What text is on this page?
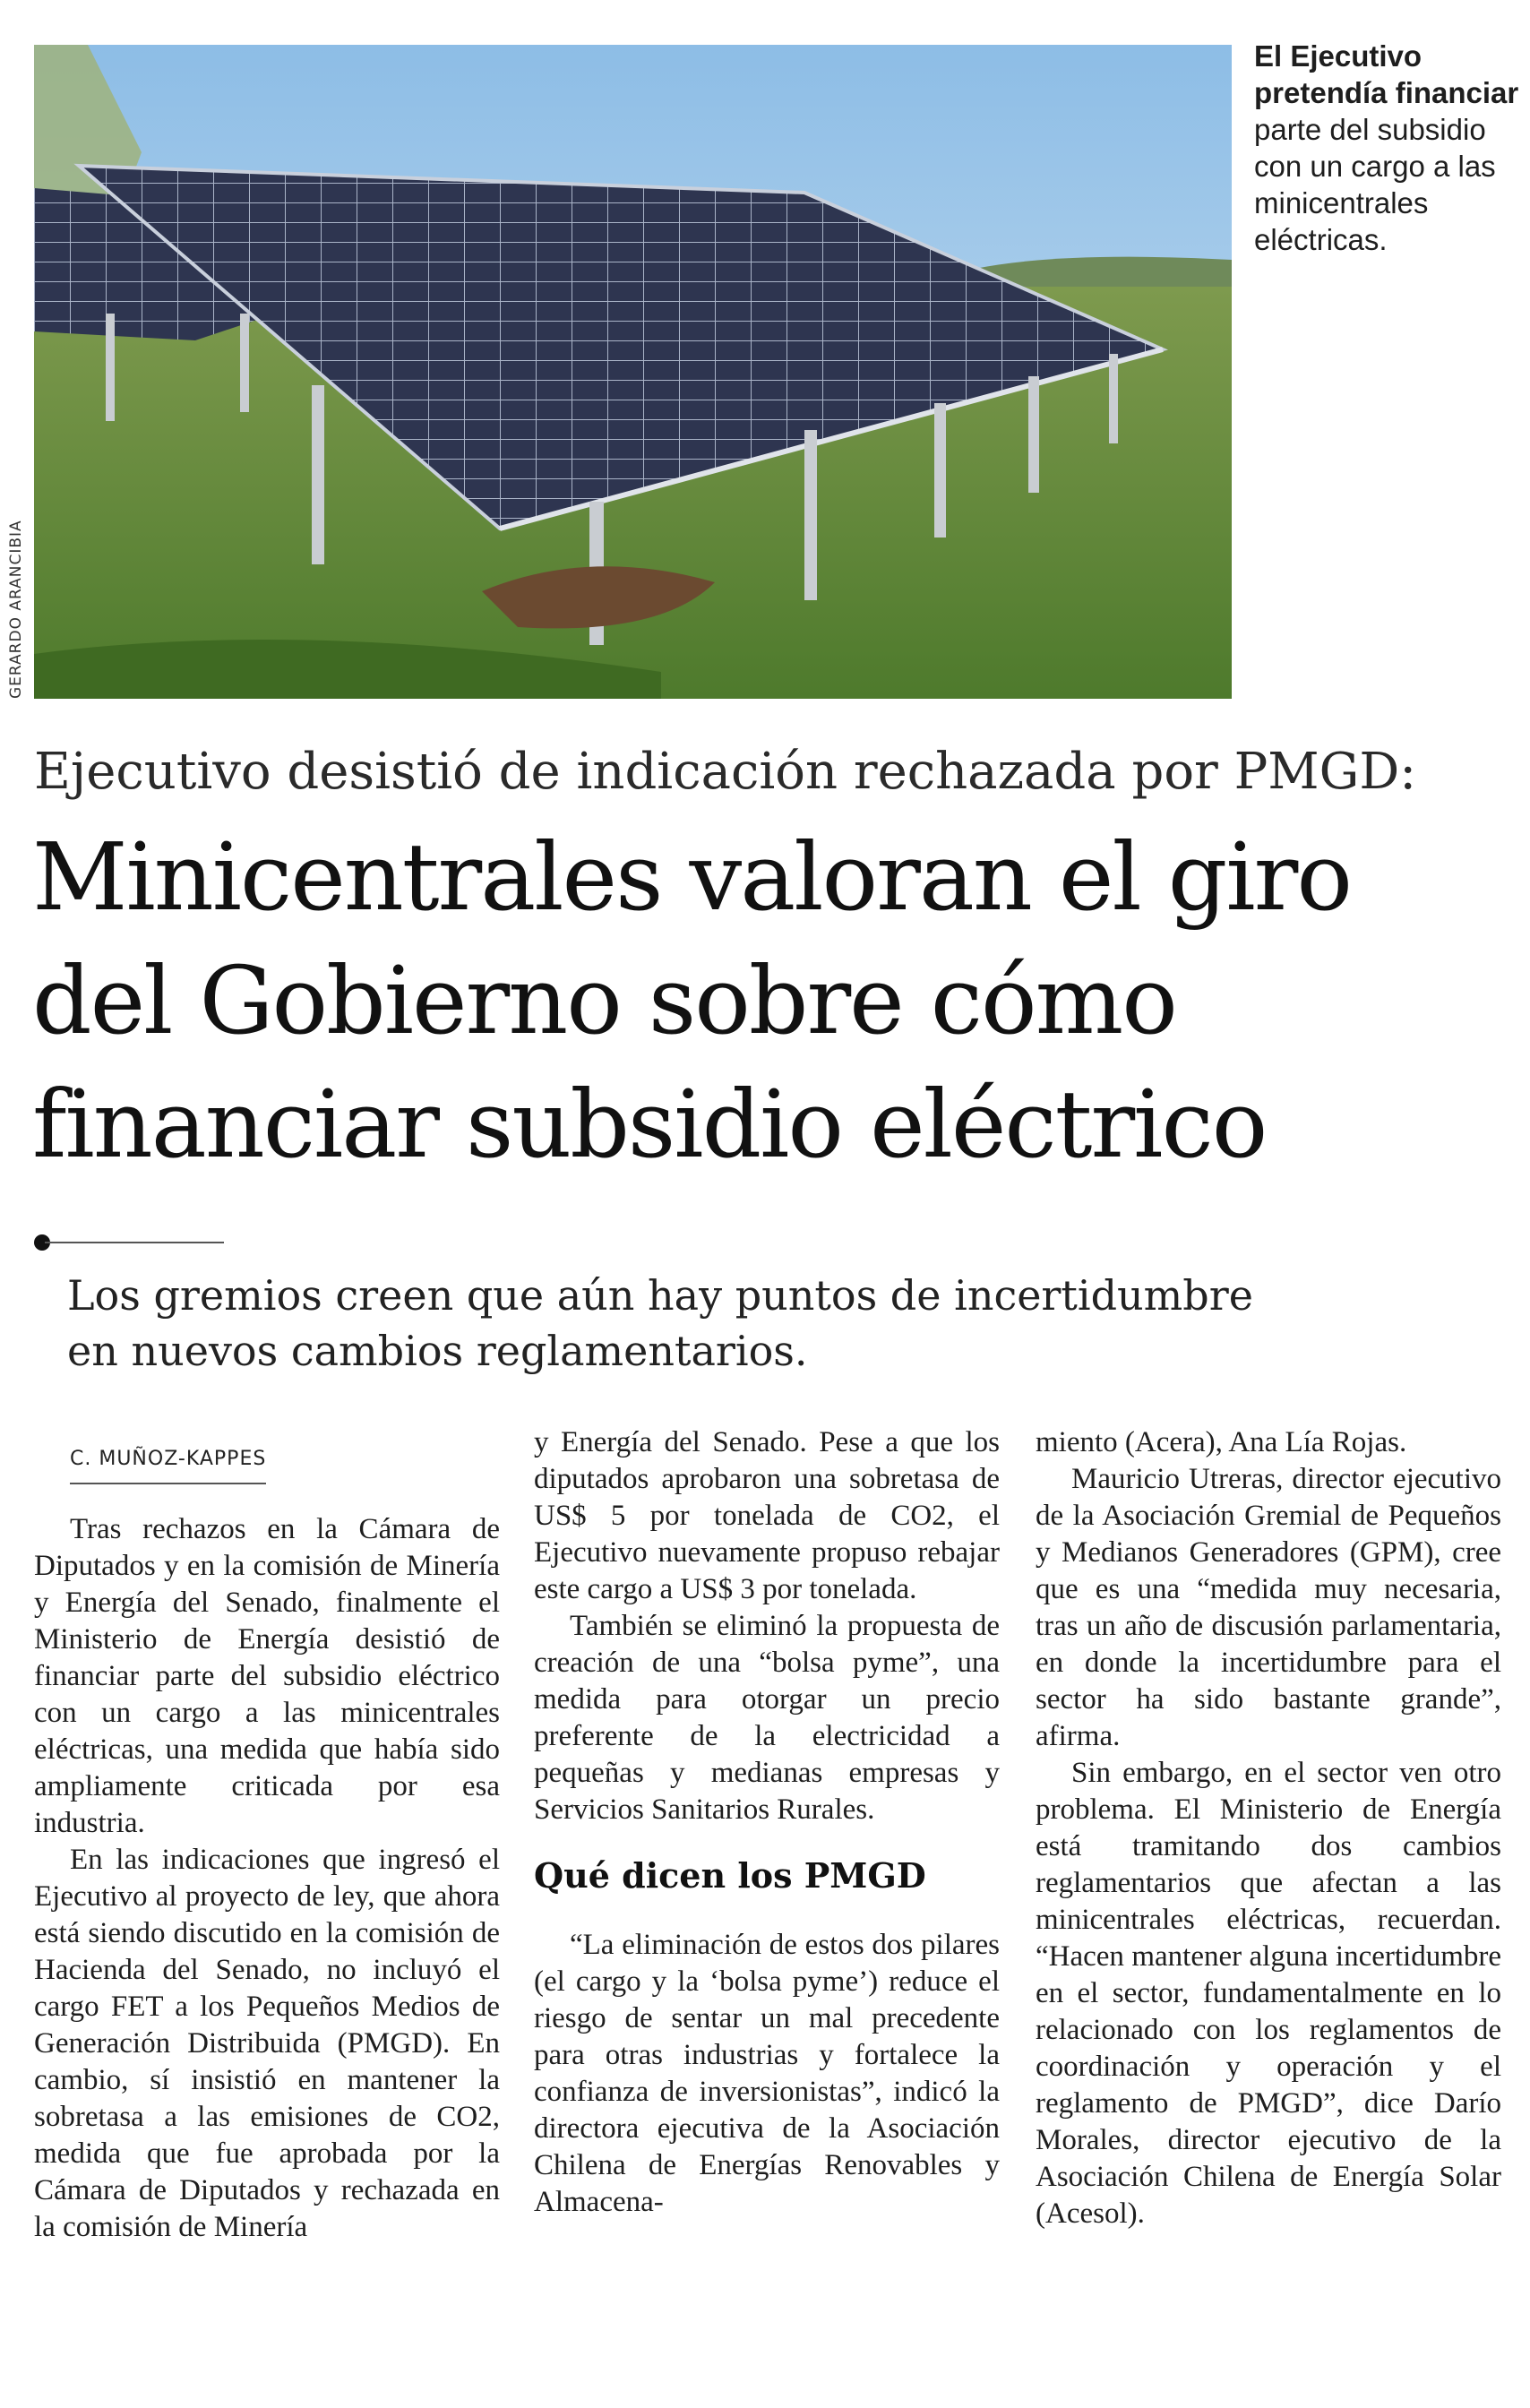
GERARDO ARANCIBIA
El Ejecutivo pretendía financiar parte del subsidio con un cargo a las minicentrales eléctricas.
Ejecutivo desistió de indicación rechazada por PMGD:
Minicentrales valoran el giro
del Gobierno sobre cómo
financiar subsidio eléctrico
Los gremios creen que aún hay puntos de incertidumbre
en nuevos cambios reglamentarios.
C. MUÑOZ-KAPPES

Tras rechazos en la Cámara de Diputados y en la comisión de Minería y Energía del Senado, finalmente el Ministerio de Energía desistió de financiar parte del subsidio eléctrico con un cargo a las minicentrales eléctricas, una medida que había sido ampliamente criticada por esa industria.

En las indicaciones que ingresó el Ejecutivo al proyecto de ley, que ahora está siendo discutido en la comisión de Hacienda del Senado, no incluyó el cargo FET a los Pequeños Medios de Generación Distribuida (PMGD). En cambio, sí insistió en mantener la sobretasa a las emisiones de CO2, medida que fue aprobada por la Cámara de Diputados y rechazada en la comisión de Minería

y Energía del Senado. Pese a que los diputados aprobaron una sobretasa de US$ 5 por tonelada de CO2, el Ejecutivo nuevamente propuso rebajar este cargo a US$ 3 por tonelada.

También se eliminó la propuesta de creación de una “bolsa pyme”, una medida para otorgar un precio preferente de la electricidad a pequeñas y medianas empresas y Servicios Sanitarios Rurales.

Qué dicen los PMGD

“La eliminación de estos dos pilares (el cargo y la ‘bolsa pyme’) reduce el riesgo de sentar un mal precedente para otras industrias y fortalece la confianza de inversionistas”, indicó la directora ejecutiva de la Asociación Chilena de Energías Renovables y Almacena-

miento (Acera), Ana Lía Rojas.

Mauricio Utreras, director ejecutivo de la Asociación Gremial de Pequeños y Medianos Generadores (GPM), cree que es una “medida muy necesaria, tras un año de discusión parlamentaria, en donde la incertidumbre para el sector ha sido bastante grande”, afirma.

Sin embargo, en el sector ven otro problema. El Ministerio de Energía está tramitando dos cambios reglamentarios que afectan a las minicentrales eléctricas, recuerdan. “Hacen mantener alguna incertidumbre en el sector, fundamentalmente en lo relacionado con los reglamentos de coordinación y operación y el reglamento de PMGD”, dice Darío Morales, director ejecutivo de la Asociación Chilena de Energía Solar (Acesol).
